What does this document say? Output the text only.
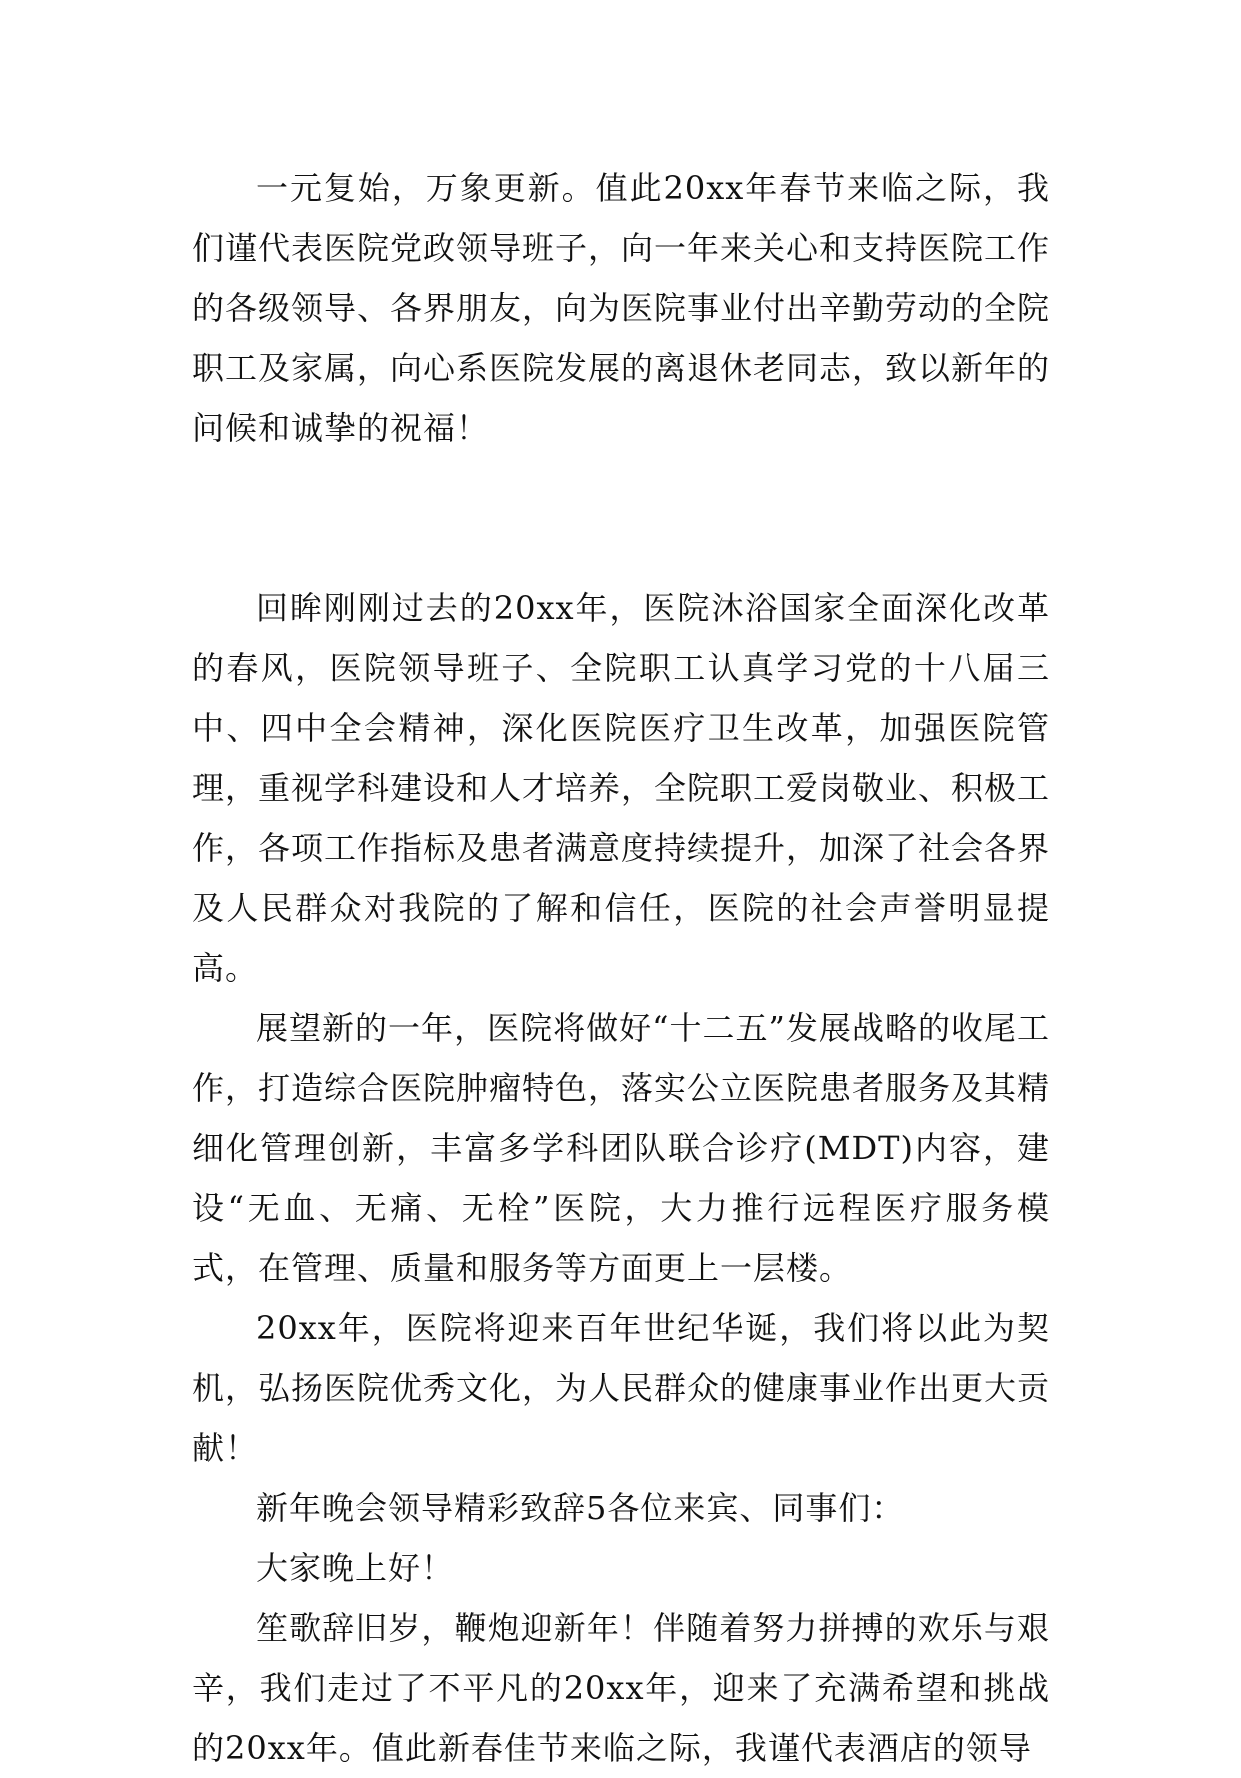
一元复始，万象更新。值此20xx年春节来临之际，我们谨代表医院党政领导班子，向一年来关心和支持医院工作的各级领导、各界朋友，向为医院事业付出辛勤劳动的全院职工及家属，向心系医院发展的离退休老同志，致以新年的问候和诚挚的祝福！

回眸刚刚过去的20xx年，医院沐浴国家全面深化改革的春风，医院领导班子、全院职工认真学习党的十八届三中、四中全会精神，深化医院医疗卫生改革，加强医院管理，重视学科建设和人才培养，全院职工爱岗敬业、积极工作，各项工作指标及患者满意度持续提升，加深了社会各界及人民群众对我院的了解和信任，医院的社会声誉明显提高。

展望新的一年，医院将做好“十二五”发展战略的收尾工作，打造综合医院肿瘤特色，落实公立医院患者服务及其精细化管理创新，丰富多学科团队联合诊疗(MDT)内容，建设“无血、无痛、无栓”医院，大力推行远程医疗服务模式，在管理、质量和服务等方面更上一层楼。

20xx年，医院将迎来百年世纪华诞，我们将以此为契机，弘扬医院优秀文化，为人民群众的健康事业作出更大贡献！

新年晚会领导精彩致辞5各位来宾、同事们：

大家晚上好！

笙歌辞旧岁，鞭炮迎新年！伴随着努力拼搏的欢乐与艰辛，我们走过了不平凡的20xx年，迎来了充满希望和挑战的20xx年。值此新春佳节来临之际，我谨代表酒店的领导
